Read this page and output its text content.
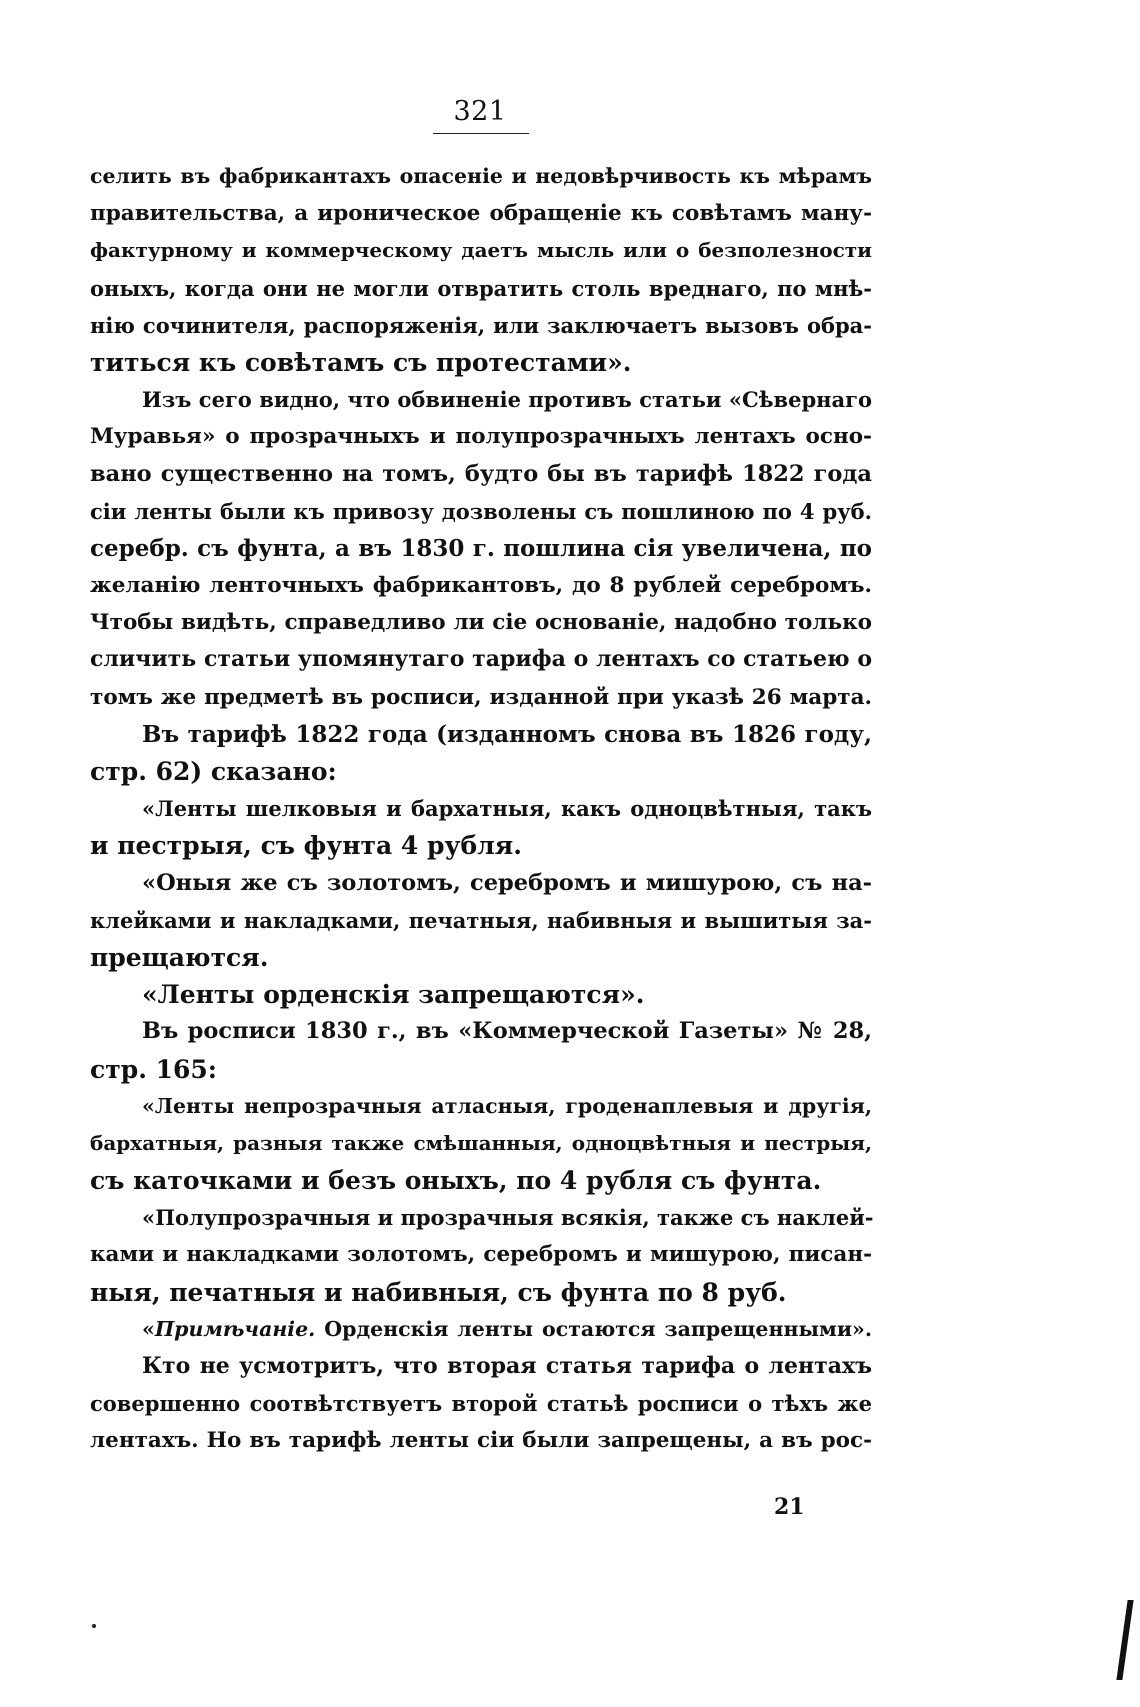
321
селить въ фабрикантахъ опасеніе и недовѣрчивость къ мѣрамъ
правительства, а ироническое обращеніе къ совѣтамъ ману-
фактурному и коммерческому даетъ мысль или о безполезности
оныхъ, когда они не могли отвратить столь вреднаго, по мнѣ-
нію сочинителя, распоряженія, или заключаетъ вызовъ обра-
титься къ совѣтамъ съ протестами».
Изъ сего видно, что обвиненіе противъ статьи «Сѣвернаго
Муравья» о прозрачныхъ и полупрозрачныхъ лентахъ осно-
вано существенно на томъ, будто бы въ тарифѣ 1822 года
сіи ленты были къ привозу дозволены съ пошлиною по 4 руб.
серебр. съ фунта, а въ 1830 г. пошлина сія увеличена, по
желанію ленточныхъ фабрикантовъ, до 8 рублей серебромъ.
Чтобы видѣть, справедливо ли сіе основаніе, надобно только
сличить статьи упомянутаго тарифа о лентахъ со статьею о
томъ же предметѣ въ росписи, изданной при указѣ 26 марта.
Въ тарифѣ 1822 года (изданномъ снова въ 1826 году,
стр. 62) сказано:
«Ленты шелковыя и бархатныя, какъ одноцвѣтныя, такъ
и пестрыя, съ фунта 4 рубля.
«Оныя же съ золотомъ, серебромъ и мишурою, съ на-
клейками и накладками, печатныя, набивныя и вышитыя за-
прещаются.
«Ленты орденскія запрещаются».
Въ росписи 1830 г., въ «Коммерческой Газеты» № 28,
стр. 165:
«Ленты непрозрачныя атласныя, гроденаплевыя и другія,
бархатныя, разныя также смѣшанныя, одноцвѣтныя и пестрыя,
съ каточками и безъ оныхъ, по 4 рубля съ фунта.
«Полупрозрачныя и прозрачныя всякія, также съ наклей-
ками и накладками золотомъ, серебромъ и мишурою, писан-
ныя, печатныя и набивныя, съ фунта по 8 руб.
«Примѣчаніе. Орденскія ленты остаются запрещенными».
Кто не усмотритъ, что вторая статья тарифа о лентахъ
совершенно соотвѣтствуетъ второй статьѣ росписи о тѣхъ же
лентахъ. Но въ тарифѣ ленты сіи были запрещены, а въ рос-
21
